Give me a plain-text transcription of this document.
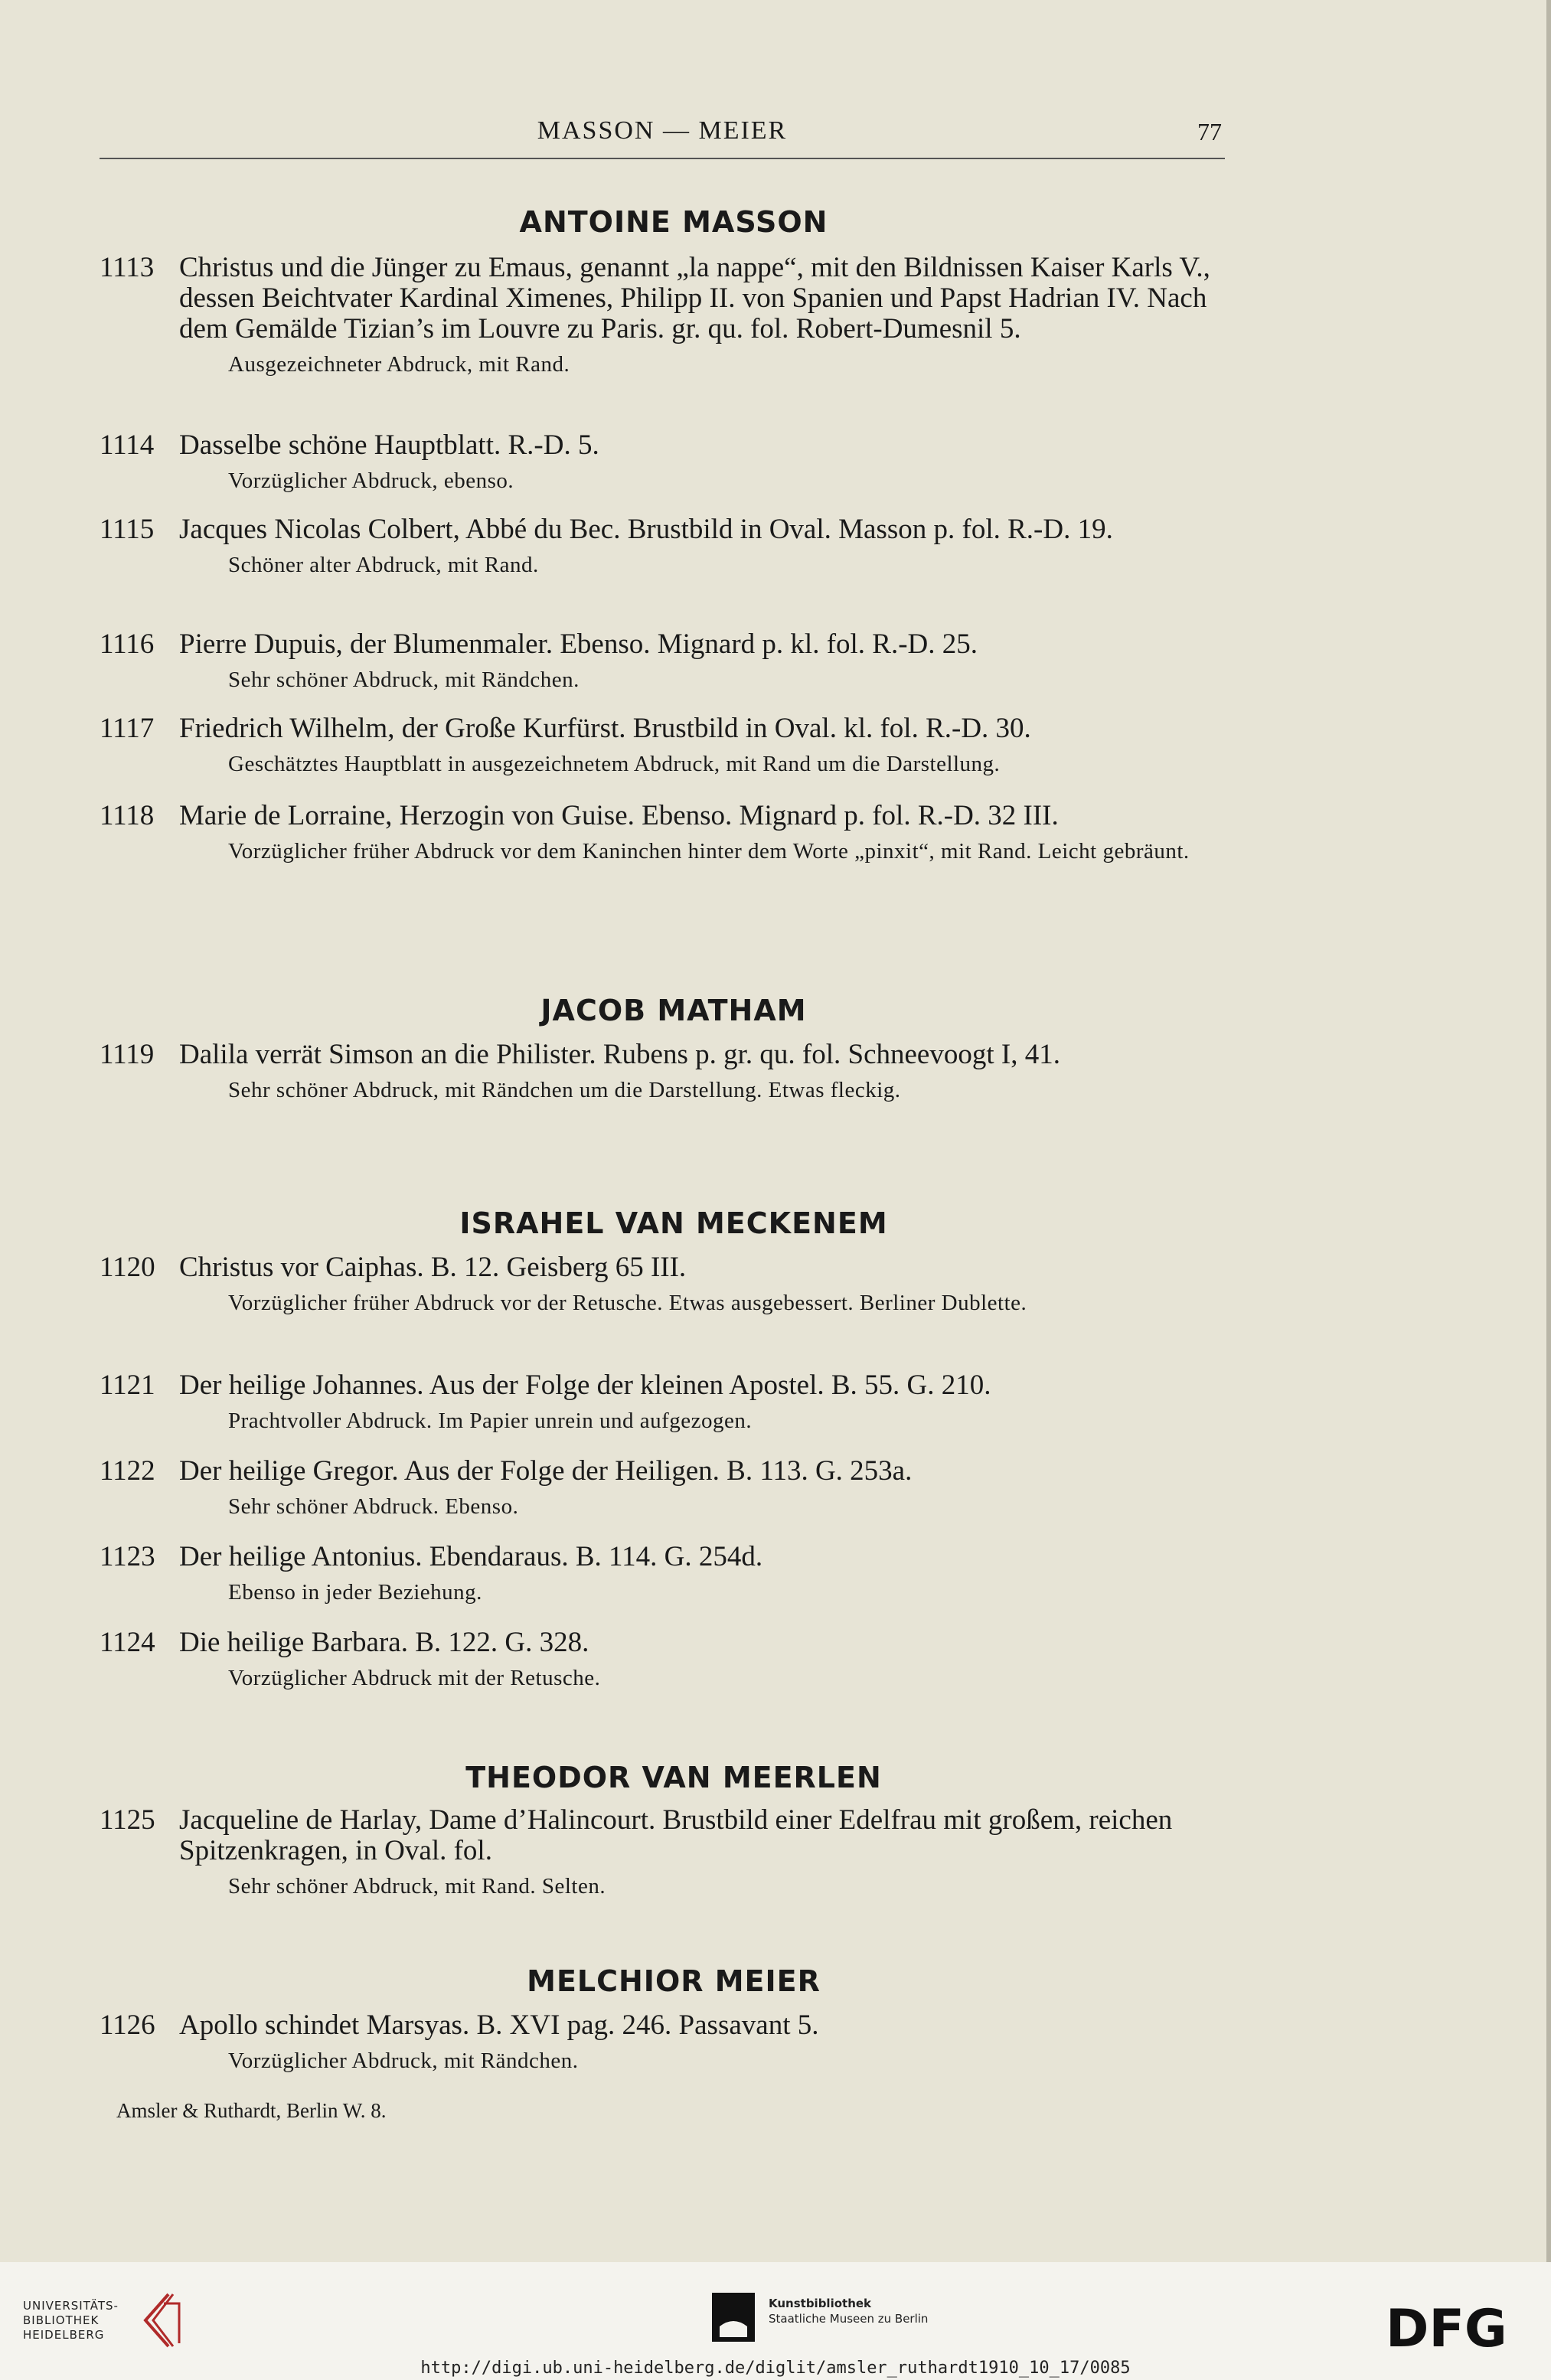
MASSON — MEIER	77
ANTOINE MASSON
1113 Christus und die Jünger zu Emaus, genannt „la nappe“, mit den Bildnissen Kaiser Karls V., dessen Beichtvater Kardinal Ximenes, Philipp II. von Spanien und Papst Hadrian IV. Nach dem Gemälde Tizian’s im Louvre zu Paris. gr. qu. fol. Robert-Dumesnil 5.
Ausgezeichneter Abdruck, mit Rand.
1114 Dasselbe schöne Hauptblatt. R.-D. 5.
Vorzüglicher Abdruck, ebenso.
1115 Jacques Nicolas Colbert, Abbé du Bec. Brustbild in Oval. Masson p. fol. R.-D. 19.
Schöner alter Abdruck, mit Rand.
1116 Pierre Dupuis, der Blumenmaler. Ebenso. Mignard p. kl. fol. R.-D. 25.
Sehr schöner Abdruck, mit Rändchen.
1117 Friedrich Wilhelm, der Große Kurfürst. Brustbild in Oval. kl. fol. R.-D. 30.
Geschätztes Hauptblatt in ausgezeichnetem Abdruck, mit Rand um die Darstellung.
1118 Marie de Lorraine, Herzogin von Guise. Ebenso. Mignard p. fol. R.-D. 32 III.
Vorzüglicher früher Abdruck vor dem Kaninchen hinter dem Worte „pinxit“, mit Rand. Leicht gebräunt.
JACOB MATHAM
1119 Dalila verrät Simson an die Philister. Rubens p. gr. qu. fol. Schneevoogt I, 41.
Sehr schöner Abdruck, mit Rändchen um die Darstellung. Etwas fleckig.
ISRAHEL VAN MECKENEM
1120 Christus vor Caiphas. B. 12. Geisberg 65 III.
Vorzüglicher früher Abdruck vor der Retusche. Etwas ausgebessert. Berliner Dublette.
1121 Der heilige Johannes. Aus der Folge der kleinen Apostel. B. 55. G. 210.
Prachtvoller Abdruck. Im Papier unrein und aufgezogen.
1122 Der heilige Gregor. Aus der Folge der Heiligen. B. 113. G. 253a.
Sehr schöner Abdruck. Ebenso.
1123 Der heilige Antonius. Ebendaraus. B. 114. G. 254d.
Ebenso in jeder Beziehung.
1124 Die heilige Barbara. B. 122. G. 328.
Vorzüglicher Abdruck mit der Retusche.
THEODOR VAN MEERLEN
1125 Jacqueline de Harlay, Dame d’Halincourt. Brustbild einer Edelfrau mit großem, reichen Spitzenkragen, in Oval. fol.
Sehr schöner Abdruck, mit Rand. Selten.
MELCHIOR MEIER
1126 Apollo schindet Marsyas. B. XVI pag. 246. Passavant 5.
Vorzüglicher Abdruck, mit Rändchen.
Amsler & Ruthardt, Berlin W. 8.
UNIVERSITÄTS-
BIBLIOTHEK
HEIDELBERG
Kunstbibliothek
Staatliche Museen zu Berlin	DFG
http://digi.ub.uni-heidelberg.de/diglit/amsler_ruthardt1910_10_17/0085
